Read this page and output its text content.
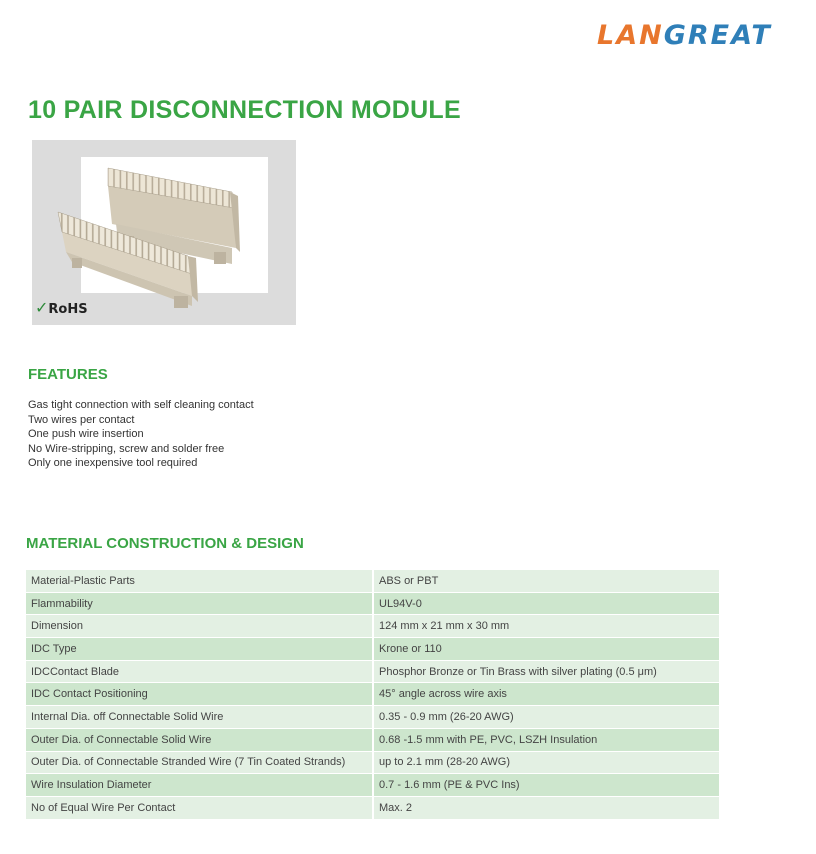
LANGREAT
10 PAIR DISCONNECTION MODULE
✓RoHS
FEATURES
Gas tight connection with self cleaning contact
Two wires per contact
One push wire insertion
No Wire-stripping, screw and solder free
Only one inexpensive tool required
MATERIAL CONSTRUCTION & DESIGN
Material-Plastic Parts	ABS or PBT
Flammability	UL94V-0
Dimension	124 mm x 21 mm x 30 mm
IDC Type	Krone or 110
IDCContact Blade	Phosphor Bronze or Tin Brass with silver plating (0.5 μm)
IDC Contact Positioning	45° angle across wire axis
Internal Dia. off Connectable Solid Wire	0.35 - 0.9 mm (26-20 AWG)
Outer Dia. of Connectable Solid Wire	0.68 -1.5 mm with PE, PVC, LSZH Insulation
Outer Dia. of Connectable Stranded Wire (7 Tin Coated Strands)	up to 2.1 mm (28-20 AWG)
Wire Insulation Diameter	0.7 - 1.6 mm (PE & PVC Ins)
No of Equal Wire Per Contact	Max. 2
